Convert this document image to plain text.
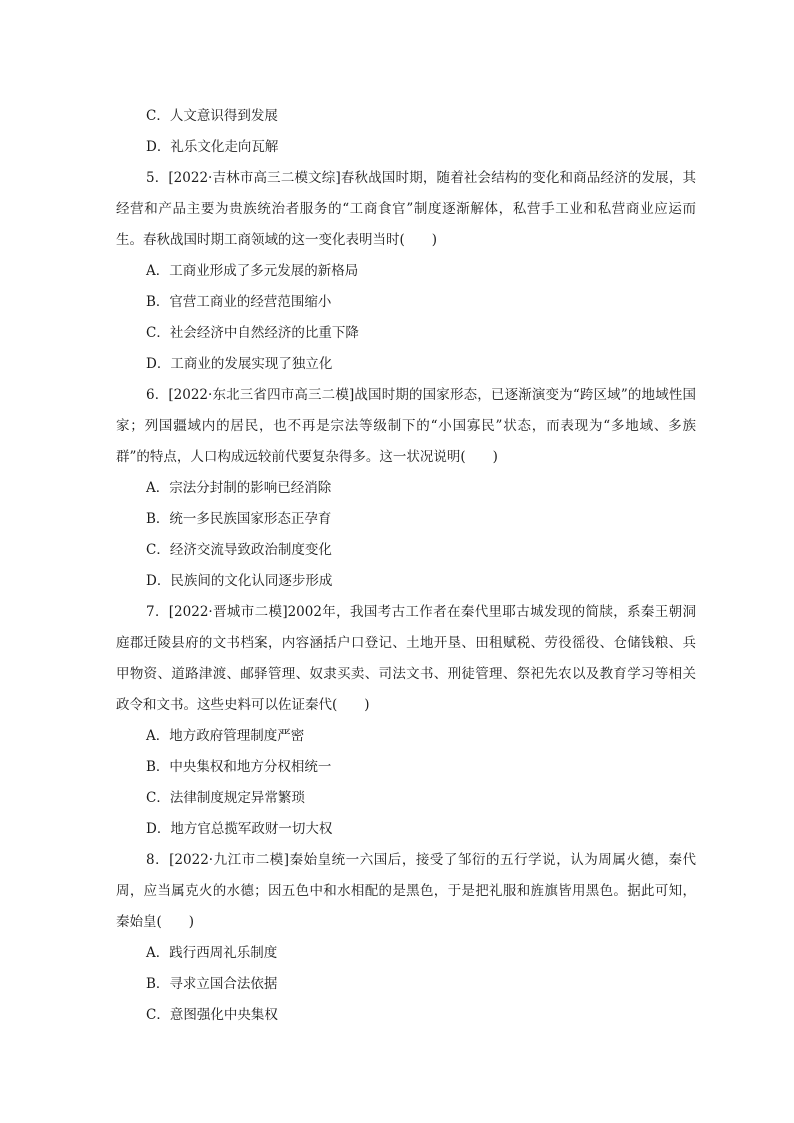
C．人文意识得到发展
D．礼乐文化走向瓦解
5．[2022·吉林市高三二模文综]春秋战国时期，随着社会结构的变化和商品经济的发展，其经营和产品主要为贵族统治者服务的“工商食官”制度逐渐解体，私营手工业和私营商业应运而生。春秋战国时期工商领域的这一变化表明当时(　　)
A．工商业形成了多元发展的新格局
B．官营工商业的经营范围缩小
C．社会经济中自然经济的比重下降
D．工商业的发展实现了独立化
6．[2022·东北三省四市高三二模]战国时期的国家形态，已逐渐演变为“跨区域”的地域性国家；列国疆域内的居民，也不再是宗法等级制下的“小国寡民”状态，而表现为“多地域、多族群”的特点，人口构成远较前代要复杂得多。这一状况说明(　　)
A．宗法分封制的影响已经消除
B．统一多民族国家形态正孕育
C．经济交流导致政治制度变化
D．民族间的文化认同逐步形成
7．[2022·晋城市二模]2002年，我国考古工作者在秦代里耶古城发现的简牍，系秦王朝洞庭郡迁陵县府的文书档案，内容涵括户口登记、土地开垦、田租赋税、劳役徭役、仓储钱粮、兵甲物资、道路津渡、邮驿管理、奴隶买卖、司法文书、刑徒管理、祭祀先农以及教育学习等相关政令和文书。这些史料可以佐证秦代(　　)
A．地方政府管理制度严密
B．中央集权和地方分权相统一
C．法律制度规定异常繁琐
D．地方官总揽军政财一切大权
8．[2022·九江市二模]秦始皇统一六国后，接受了邹衍的五行学说，认为周属火德，秦代周，应当属克火的水德；因五色中和水相配的是黑色，于是把礼服和旌旗皆用黑色。据此可知，秦始皇(　　)
A．践行西周礼乐制度
B．寻求立国合法依据
C．意图强化中央集权
